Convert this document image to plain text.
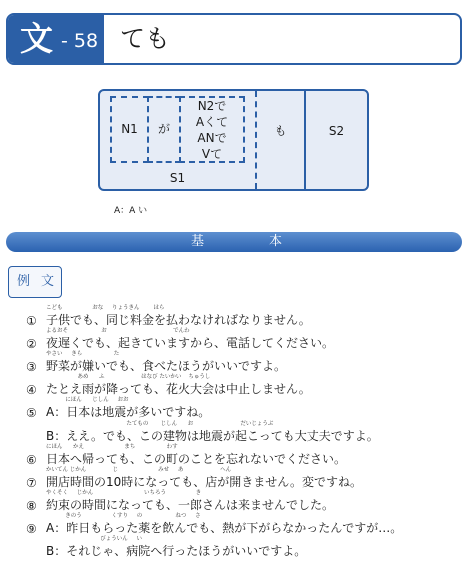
文 - 58 ても
N1	が
N2で
Aくて
ANで
Vて
も	S2
S1
A：A い
基	本
例 文
①
こども                 おな     りょうきん        はら
子供でも、同じ料金を払わなければなりません。
②
よるおそ                   お                                      でんわ
夜遅くでも、起きていますから、電話してください。
③
やさい     きら                  た
野菜が嫌いでも、食べたほうがいいですよ。
④
あめ      ふ                     はなび たいかい    ちゅうし
たとえ雨が降っても、花火大会は中止しません。
⑤
にほん      じしん     おお
A：日本は地震が多いですね。
たてもの       じしん      お                           だいじょうぶ
B：ええ。でも、この建物は地震が起こっても大丈夫ですよ。
⑥
にほん      かえ                       まち                  わす
日本へ帰っても、この町のことを忘れないでください。
⑦
かいてん じかん               じ                       みせ     あ                     へん
開店時間の10時になっても、店が開きません。変ですね。
⑧
やくそく     じかん                             いちろう                 き
約束の時間になっても、一郎さんは来ませんでした。
⑨
きのう                 くすり     の                   ねつ     さ
A：昨日もらった薬を飲んでも、熱が下がらなかったんですが…。
びょういん     い
B：それじゃ、病院へ行ったほうがいいですよ。
